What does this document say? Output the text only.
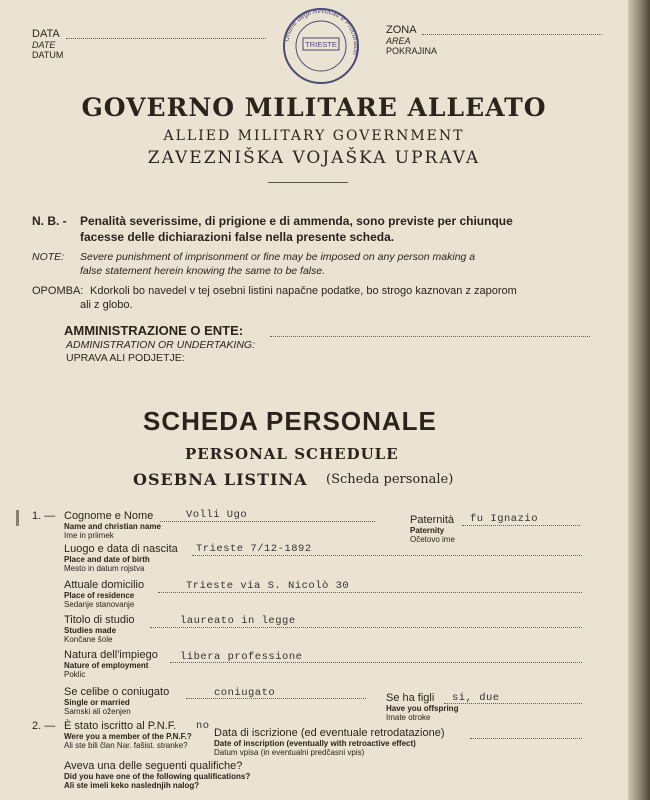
DATA
DATE
DATUM
Ordine degli Avvocati e Procuratori
TRIESTE
ZONA
AREA
POKRAJINA
GOVERNO MILITARE ALLEATO
ALLIED MILITARY GOVERNMENT
ZAVEZNIŠKA VOJAŠKA UPRAVA
N. B. - Penalità severissime, di prigione e di ammenda, sono previste per chiunque
facesse delle dichiarazioni false nella presente scheda.
NOTE: Severe punishment of imprisonment or fine may be imposed on any person making a
false statement herein knowing the same to be false.
OPOMBA: Kdorkoli bo navedel v tej osebni listini napačne podatke, bo strogo kaznovan z zaporom
ali z globo.
AMMINISTRAZIONE O ENTE:
ADMINISTRATION OR UNDERTAKING:
UPRAVA ALI PODJETJE:
SCHEDA PERSONALE
PERSONAL SCHEDULE
OSEBNA LISTINA (Scheda personale)
1. — Cognome e Nome
Name and christian name
Ime in priimek
Volli Ugo	Paternità
Paternity
Očetovo ime
fu Ignazio
Luogo e data di nascita
Place and date of birth
Mesto in datum rojstva
Trieste 7/12-1892
Attuale domicilio
Place of residence
Sedanje stanovanje
Trieste via S. Nicolò 30
Titolo di studio
Studies made
Končane šole
laureato in legge
Natura dell'impiego
Nature of employment
Poklic
libera professione
Se celibe o coniugato
Single or married
Samski ali oženjen
coniugato	Se ha figli
Have you offspring
Imate otroke
si, due
2. — È stato iscritto al P.N.F.
Were you a member of the P.N.F.?
Ali ste bili član Nar. fašist. stranke?
no
Data di iscrizione (ed eventuale retrodatazione)
Date of inscription (eventually with retroactive effect)
Datum vpisa (in eventualni predčasni vpis)
Aveva una delle seguenti qualifiche?
Did you have one of the following qualifications?
Ali ste imeli keko naslednjih nalog?
